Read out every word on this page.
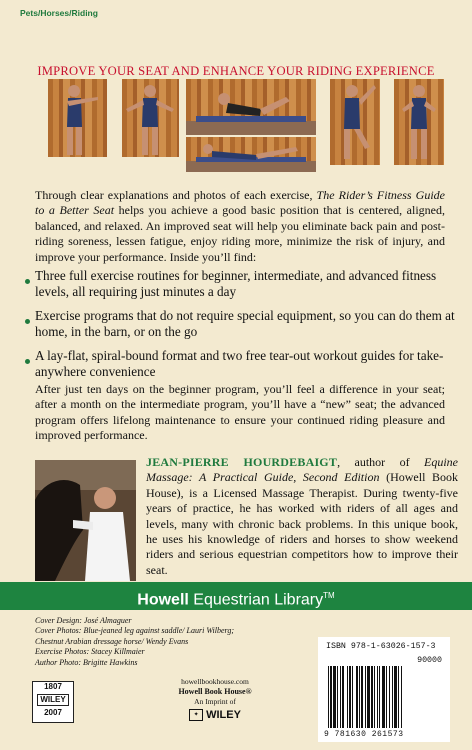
Pets/Horses/Riding
IMPROVE YOUR SEAT AND ENHANCE YOUR RIDING EXPERIENCE
Through clear explanations and photos of each exercise, The Rider’s Fitness Guide to a Better Seat helps you achieve a good basic position that is centered, aligned, balanced, and relaxed. An improved seat will help you eliminate back pain and post-riding soreness, lessen fatigue, enjoy riding more, minimize the risk of injury, and improve your performance. Inside you’ll find:
Three full exercise routines for beginner, intermediate, and advanced fitness levels, all requiring just minutes a day
Exercise programs that do not require special equipment, so you can do them at home, in the barn, or on the go
A lay-flat, spiral-bound format and two free tear-out workout guides for take-anywhere convenience
After just ten days on the beginner program, you’ll feel a difference in your seat; after a month on the intermediate program, you’ll have a “new” seat; the advanced program offers lifelong maintenance to ensure your continued riding pleasure and improved performance.
JEAN-PIERRE HOURDEBAIGT, author of Equine Massage: A Practical Guide, Second Edition (Howell Book House), is a Licensed Massage Therapist. During twenty-five years of practice, he has worked with riders of all ages and levels, many with chronic back problems. In this unique book, he uses his knowledge of riders and horses to show weekend riders and serious equestrian competitors how to improve their seat.
Howell Equestrian Library™
Cover Design: José Almaguer
Cover Photos: Blue-jeaned leg against saddle/ Lauri Wilberg;
Chestnut Arabian dressage horse/ Wendy Evans
Exercise Photos: Stacey Killmaier
Author Photo: Brigitte Hawkins
1807
WILEY
2007
howellbookhouse.com
Howell Book House®
An Imprint of
✦ WILEY
ISBN 978-1-63026-157-3
90000
9 781630 261573
